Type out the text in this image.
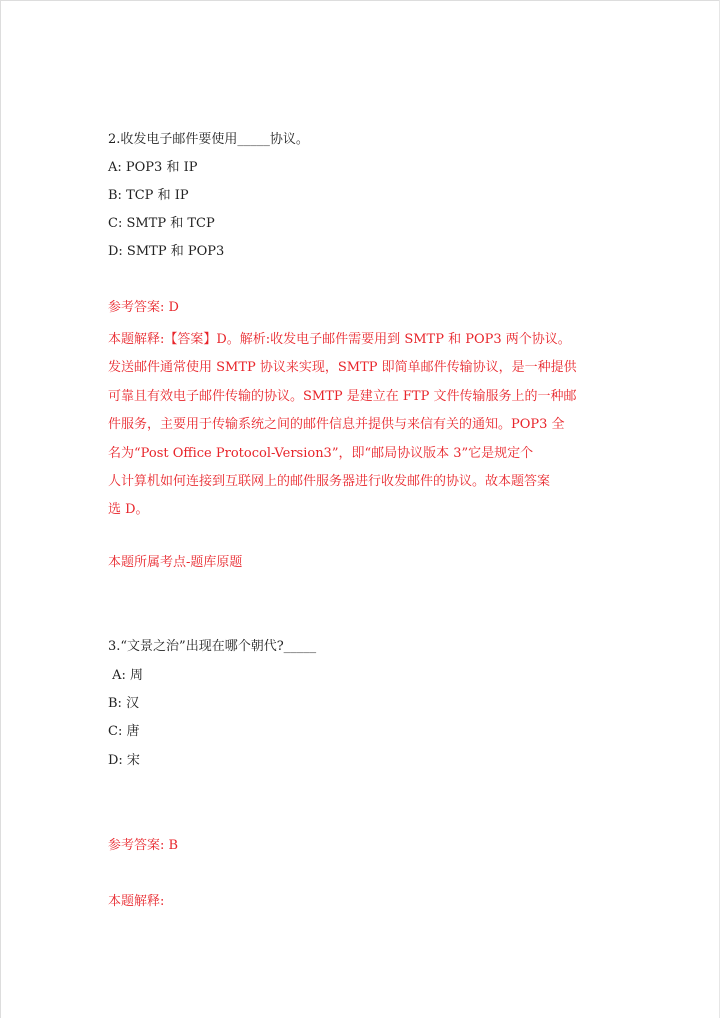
2.收发电子邮件要使用_____协议。
A: POP3 和 IP
B: TCP 和 IP
C: SMTP 和 TCP
D: SMTP 和 POP3
参考答案: D
本题解释:【答案】D。解析:收发电子邮件需要用到 SMTP 和 POP3 两个协议。
发送邮件通常使用 SMTP 协议来实现，SMTP 即简单邮件传输协议，是一种提供
可靠且有效电子邮件传输的协议。SMTP 是建立在 FTP 文件传输服务上的一种邮
件服务，主要用于传输系统之间的邮件信息并提供与来信有关的通知。POP3 全
名为“Post Office Protocol-Version3”，即“邮局协议版本 3”它是规定个
人计算机如何连接到互联网上的邮件服务器进行收发邮件的协议。故本题答案
选 D。
本题所属考点-题库原题
3.“文景之治”出现在哪个朝代?_____
A: 周
B: 汉
C: 唐
D: 宋
参考答案: B
本题解释:
